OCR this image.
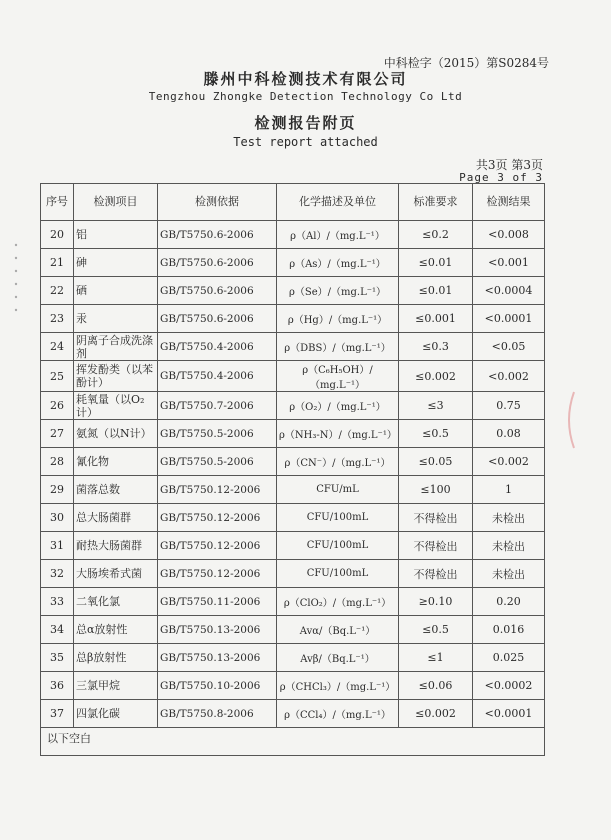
中科检字（2015）第S0284号
滕州中科检测技术有限公司
Tengzhou Zhongke Detection Technology Co Ltd
检测报告附页
Test report attached
共3页 第3页
Page 3 of 3
序号	检测项目	检测依据	化学描述及单位	标准要求	检测结果
20	铝	GB/T5750.6-2006	ρ（Al）/（mg.L⁻¹）	≤0.2	<0.008
21	砷	GB/T5750.6-2006	ρ（As）/（mg.L⁻¹）	≤0.01	<0.001
22	硒	GB/T5750.6-2006	ρ（Se）/（mg.L⁻¹）	≤0.01	<0.0004
23	汞	GB/T5750.6-2006	ρ（Hg）/（mg.L⁻¹）	≤0.001	<0.0001
24	阴离子合成洗涤剂	GB/T5750.4-2006	ρ（DBS）/（mg.L⁻¹）	≤0.3	<0.05
25	挥发酚类（以苯酚计）	GB/T5750.4-2006	ρ（C₆H₅OH）/（mg.L⁻¹）	≤0.002	<0.002
26	耗氧量（以O₂计）	GB/T5750.7-2006	ρ（O₂）/（mg.L⁻¹）	≤3	0.75
27	氨氮（以N计）	GB/T5750.5-2006	ρ（NH₃-N）/（mg.L⁻¹）	≤0.5	0.08
28	氰化物	GB/T5750.5-2006	ρ（CN⁻）/（mg.L⁻¹）	≤0.05	<0.002
29	菌落总数	GB/T5750.12-2006	CFU/mL	≤100	1
30	总大肠菌群	GB/T5750.12-2006	CFU/100mL	不得检出	未检出
31	耐热大肠菌群	GB/T5750.12-2006	CFU/100mL	不得检出	未检出
32	大肠埃希式菌	GB/T5750.12-2006	CFU/100mL	不得检出	未检出
33	二氧化氯	GB/T5750.11-2006	ρ（ClO₂）/（mg.L⁻¹）	≥0.10	0.20
34	总α放射性	GB/T5750.13-2006	Avα/（Bq.L⁻¹）	≤0.5	0.016
35	总β放射性	GB/T5750.13-2006	Avβ/（Bq.L⁻¹）	≤1	0.025
36	三氯甲烷	GB/T5750.10-2006	ρ（CHCl₃）/（mg.L⁻¹）	≤0.06	<0.0002
37	四氯化碳	GB/T5750.8-2006	ρ（CCl₄）/（mg.L⁻¹）	≤0.002	<0.0001

以下空白					
